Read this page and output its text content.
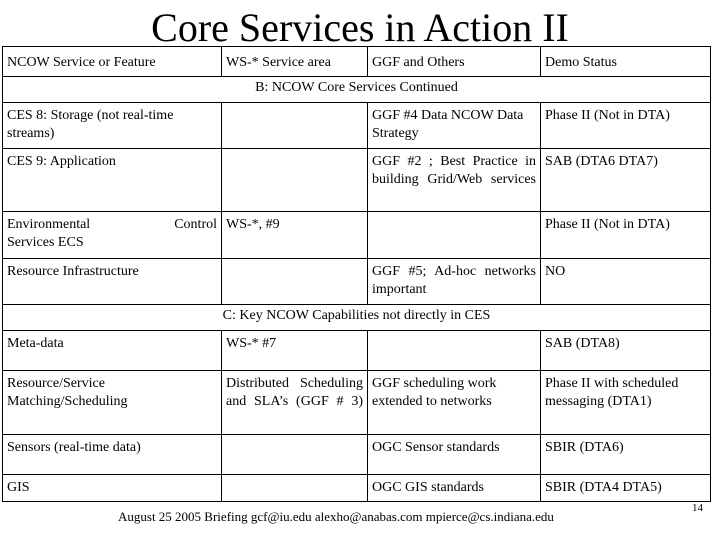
Core Services in Action II
NCOW Service or Feature	WS-* Service area	GGF and Others	Demo Status
B: NCOW Core Services Continued			
CES 8: Storage (not real-time streams)		GGF #4 Data NCOW Data Strategy	Phase II (Not in DTA)
CES 9: Application		GGF #2 ; Best Practice in building Grid/Web services	SAB (DTA6 DTA7)

Environmental Control
Services ECS	WS-*, #9		Phase II (Not in DTA)
Resource Infrastructure		GGF #5; Ad-hoc networks important	NO
C: Key NCOW Capabilities not directly in CES			
Meta-data	WS-* #7		SAB (DTA8)
Resource/Service Matching/Scheduling	Distributed Scheduling and SLA’s (GGF # 3)	GGF scheduling work extended to networks	Phase II with scheduled messaging (DTA1)
Sensors (real-time data)		OGC Sensor standards	SBIR (DTA6)
GIS		OGC GIS standards	SBIR (DTA4 DTA5)
August 25 2005 Briefing gcf@iu.edu alexho@anabas.com mpierce@cs.indiana.edu
14
